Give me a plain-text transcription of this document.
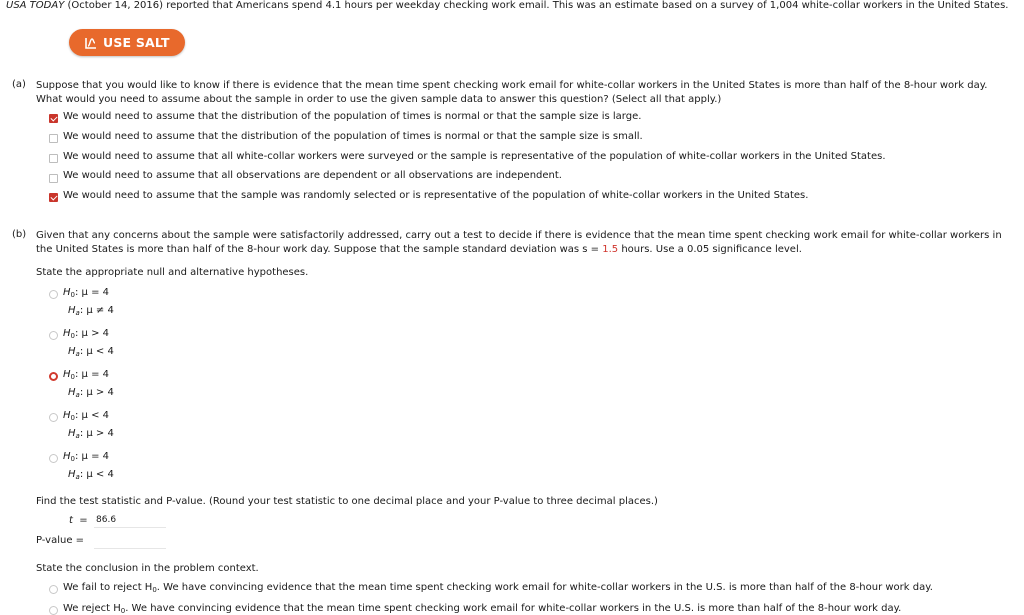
USA TODAY (October 14, 2016) reported that Americans spend 4.1 hours per weekday checking work email. This was an estimate based on a survey of 1,004 white-collar workers in the United States.
USE SALT
(a) Suppose that you would like to know if there is evidence that the mean time spent checking work email for white-collar workers in the United States is more than half of the 8-hour work day.
What would you need to assume about the sample in order to use the given sample data to answer this question? (Select all that apply.)
We would need to assume that the distribution of the population of times is normal or that the sample size is large.
We would need to assume that the distribution of the population of times is normal or that the sample size is small.
We would need to assume that all white-collar workers were surveyed or the sample is representative of the population of white-collar workers in the United States.
We would need to assume that all observations are dependent or all observations are independent.
We would need to assume that the sample was randomly selected or is representative of the population of white-collar workers in the United States.
(b) Given that any concerns about the sample were satisfactorily addressed, carry out a test to decide if there is evidence that the mean time spent checking work email for white-collar workers in
the United States is more than half of the 8-hour work day. Suppose that the sample standard deviation was s = 1.5 hours. Use a 0.05 significance level.
State the appropriate null and alternative hypotheses.
$H_0$: μ = 4
$H_a$: μ ≠ 4
$H_0$: μ > 4
$H_a$: μ < 4
$H_0$: μ = 4
$H_a$: μ > 4
$H_0$: μ < 4
$H_a$: μ > 4
$H_0$: μ = 4
$H_a$: μ < 4
Find the test statistic and P-value. (Round your test statistic to one decimal place and your P-value to three decimal places.)
t  = 86.6
P-value =
State the conclusion in the problem context.
We fail to reject $H_0$. We have convincing evidence that the mean time spent checking work email for white-collar workers in the U.S. is more than half of the 8-hour work day.
We reject $H_0$. We have convincing evidence that the mean time spent checking work email for white-collar workers in the U.S. is more than half of the 8-hour work day.
